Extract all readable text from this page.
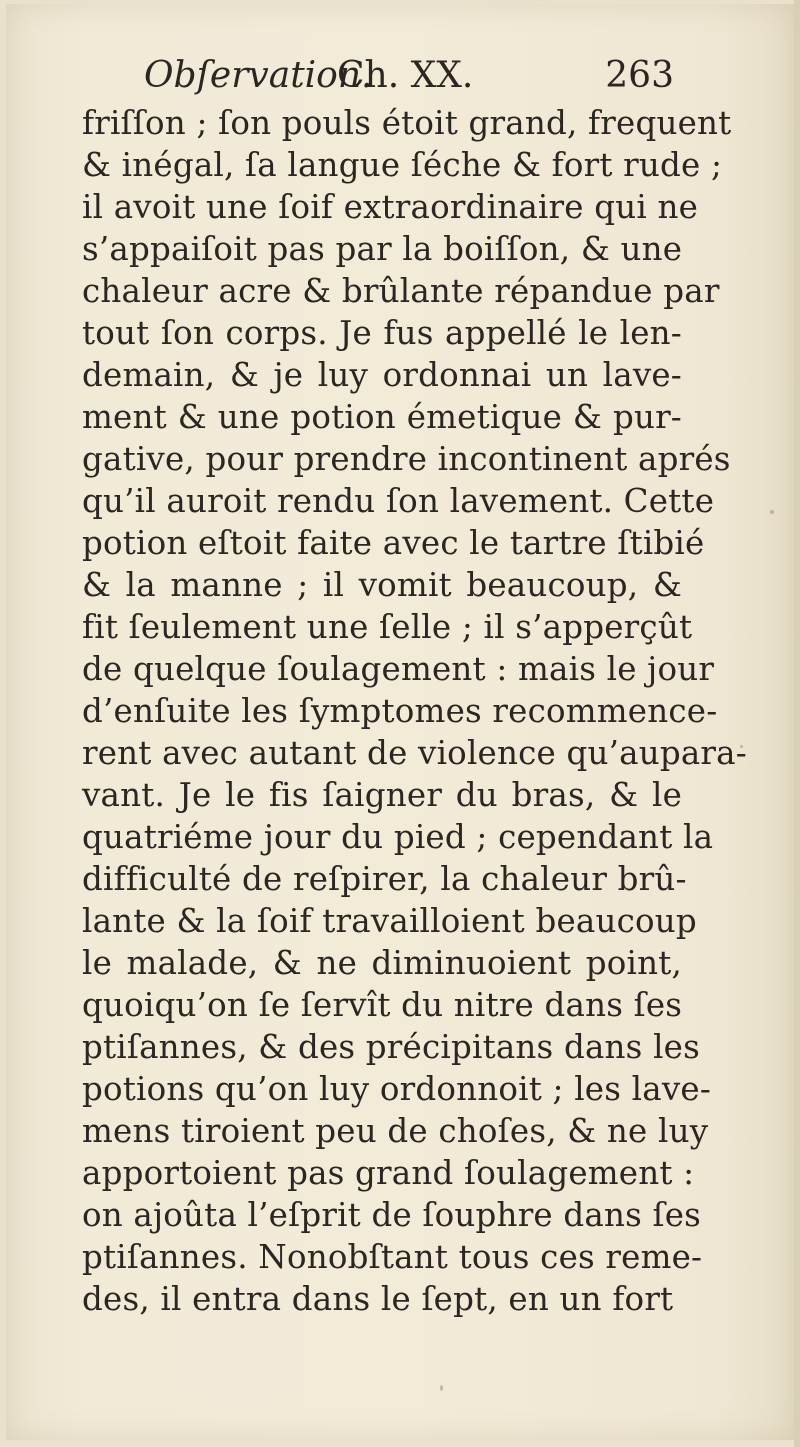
Obſervation.
Ch. XX.	263
friſſon ; ſon pouls étoit grand, frequent
& inégal, ſa langue ſéche & fort rude ;
il avoit une ſoif extraordinaire qui ne
s’appaiſoit pas par la boiſſon, & une
chaleur acre & brûlante répandue par
tout ſon corps. Je fus appellé le len-
demain, & je luy ordonnai un lave-
ment & une potion émetique & pur-
gative, pour prendre incontinent aprés
qu’il auroit rendu ſon lavement. Cette
potion eſtoit faite avec le tartre ſtibié
& la manne ; il vomit beaucoup, &
fit ſeulement une ſelle ; il s’apperçût
de quelque ſoulagement : mais le jour
d’enſuite les ſymptomes recommence-
rent avec autant de violence qu’aupara-
vant. Je le fis ſaigner du bras, & le
quatriéme jour du pied ; cependant la
difficulté de reſpirer, la chaleur brû-
lante & la ſoif travailloient beaucoup
le malade, & ne diminuoient point,
quoiqu’on ſe ſervît du nitre dans ſes
ptiſannes, & des précipitans dans les
potions qu’on luy ordonnoit ; les lave-
mens tiroient peu de choſes, & ne luy
apportoient pas grand ſoulagement :
on ajoûta l’eſprit de ſouphre dans ſes
ptiſannes. Nonobſtant tous ces reme-
des, il entra dans le ſept, en un fort
